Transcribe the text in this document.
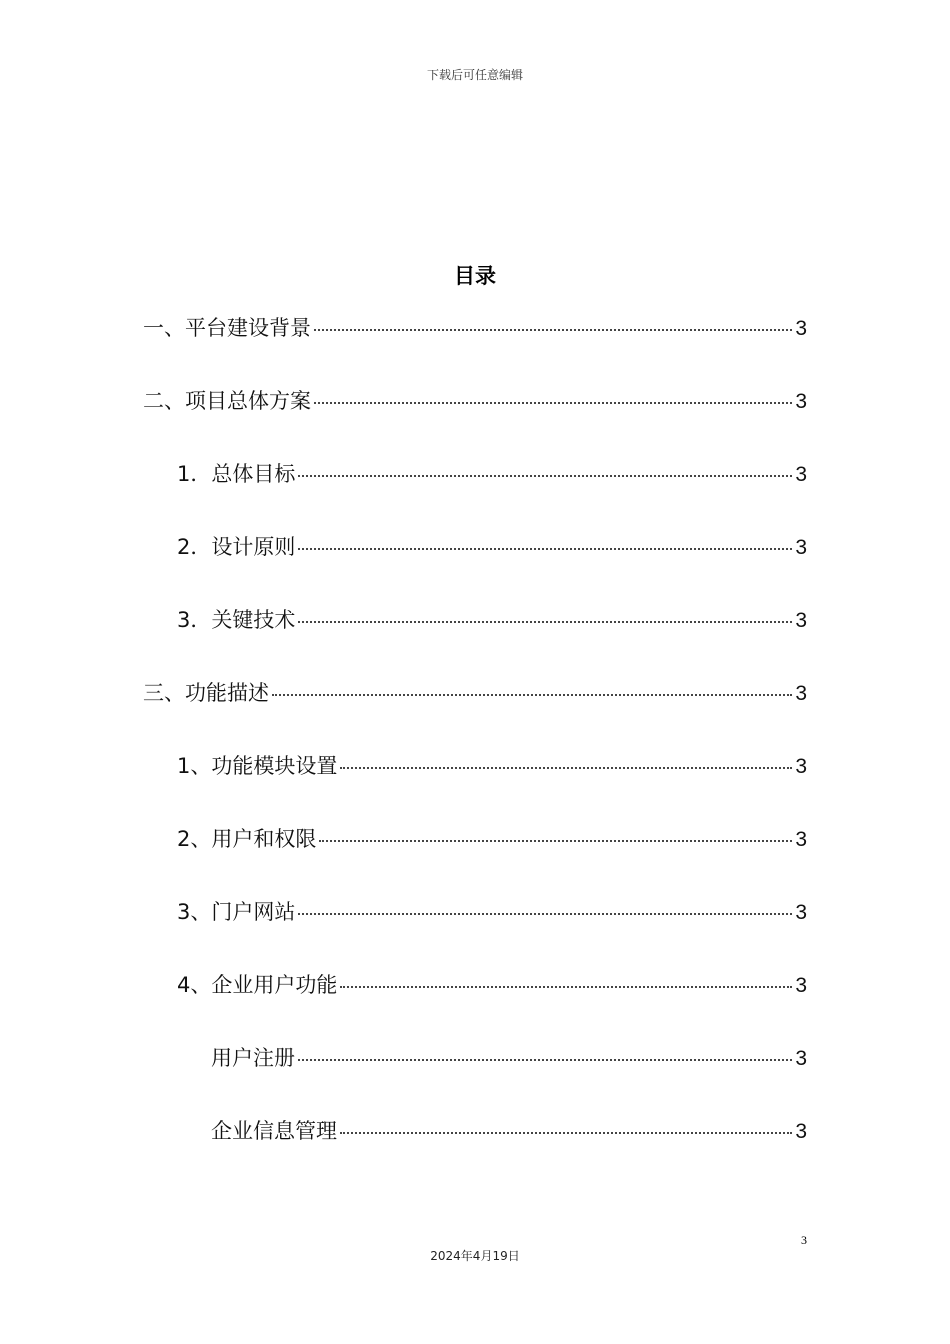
下载后可任意编辑
目录
一、平台建设背景	3
二、项目总体方案	3
1．总体目标	3
2．设计原则	3
3．关键技术	3
三、功能描述	3
1、功能模块设置	3
2、用户和权限	3
3、门户网站	3
4、企业用户功能	3
用户注册	3
企业信息管理	3
3
2024年4月19日
